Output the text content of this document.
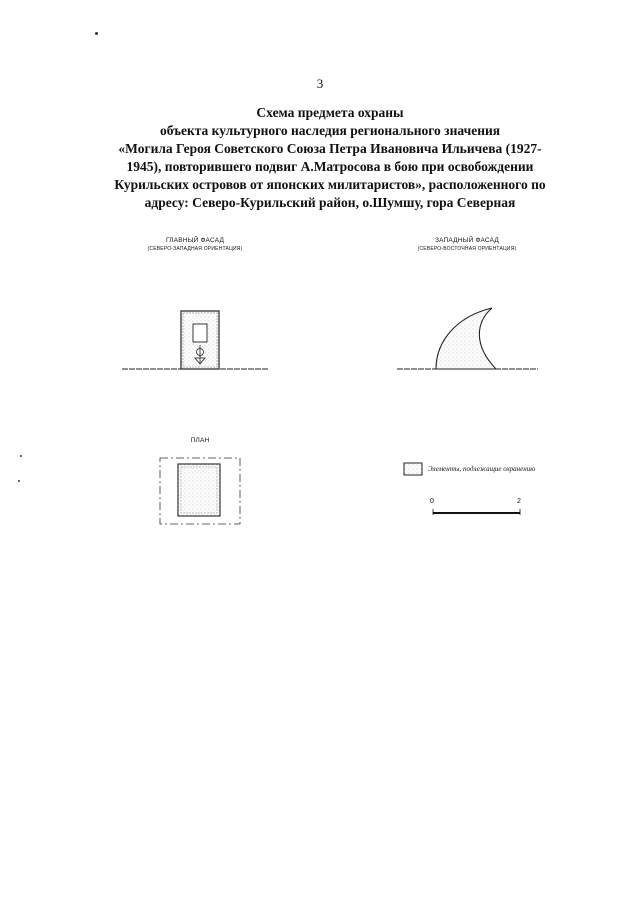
3
Схема предмета охраны
объекта культурного наследия регионального значения
«Могила Героя Советского Союза Петра Ивановича Ильичева (1927-
1945), повторившего подвиг А.Матросова в бою при освобождении
Курильских островов от японских милитаристов», расположенного по
адресу: Северо-Курильский район, о.Шумшу, гора Северная
ГЛАВНЫЙ ФАСАД
(СЕВЕРО-ЗАПАДНАЯ ОРИЕНТАЦИЯ)
ЗАПАДНЫЙ ФАСАД
(СЕВЕРО-ВОСТОЧНАЯ ОРИЕНТАЦИЯ)
ПЛАН
Элементы, подлежащие охранению
0	2
